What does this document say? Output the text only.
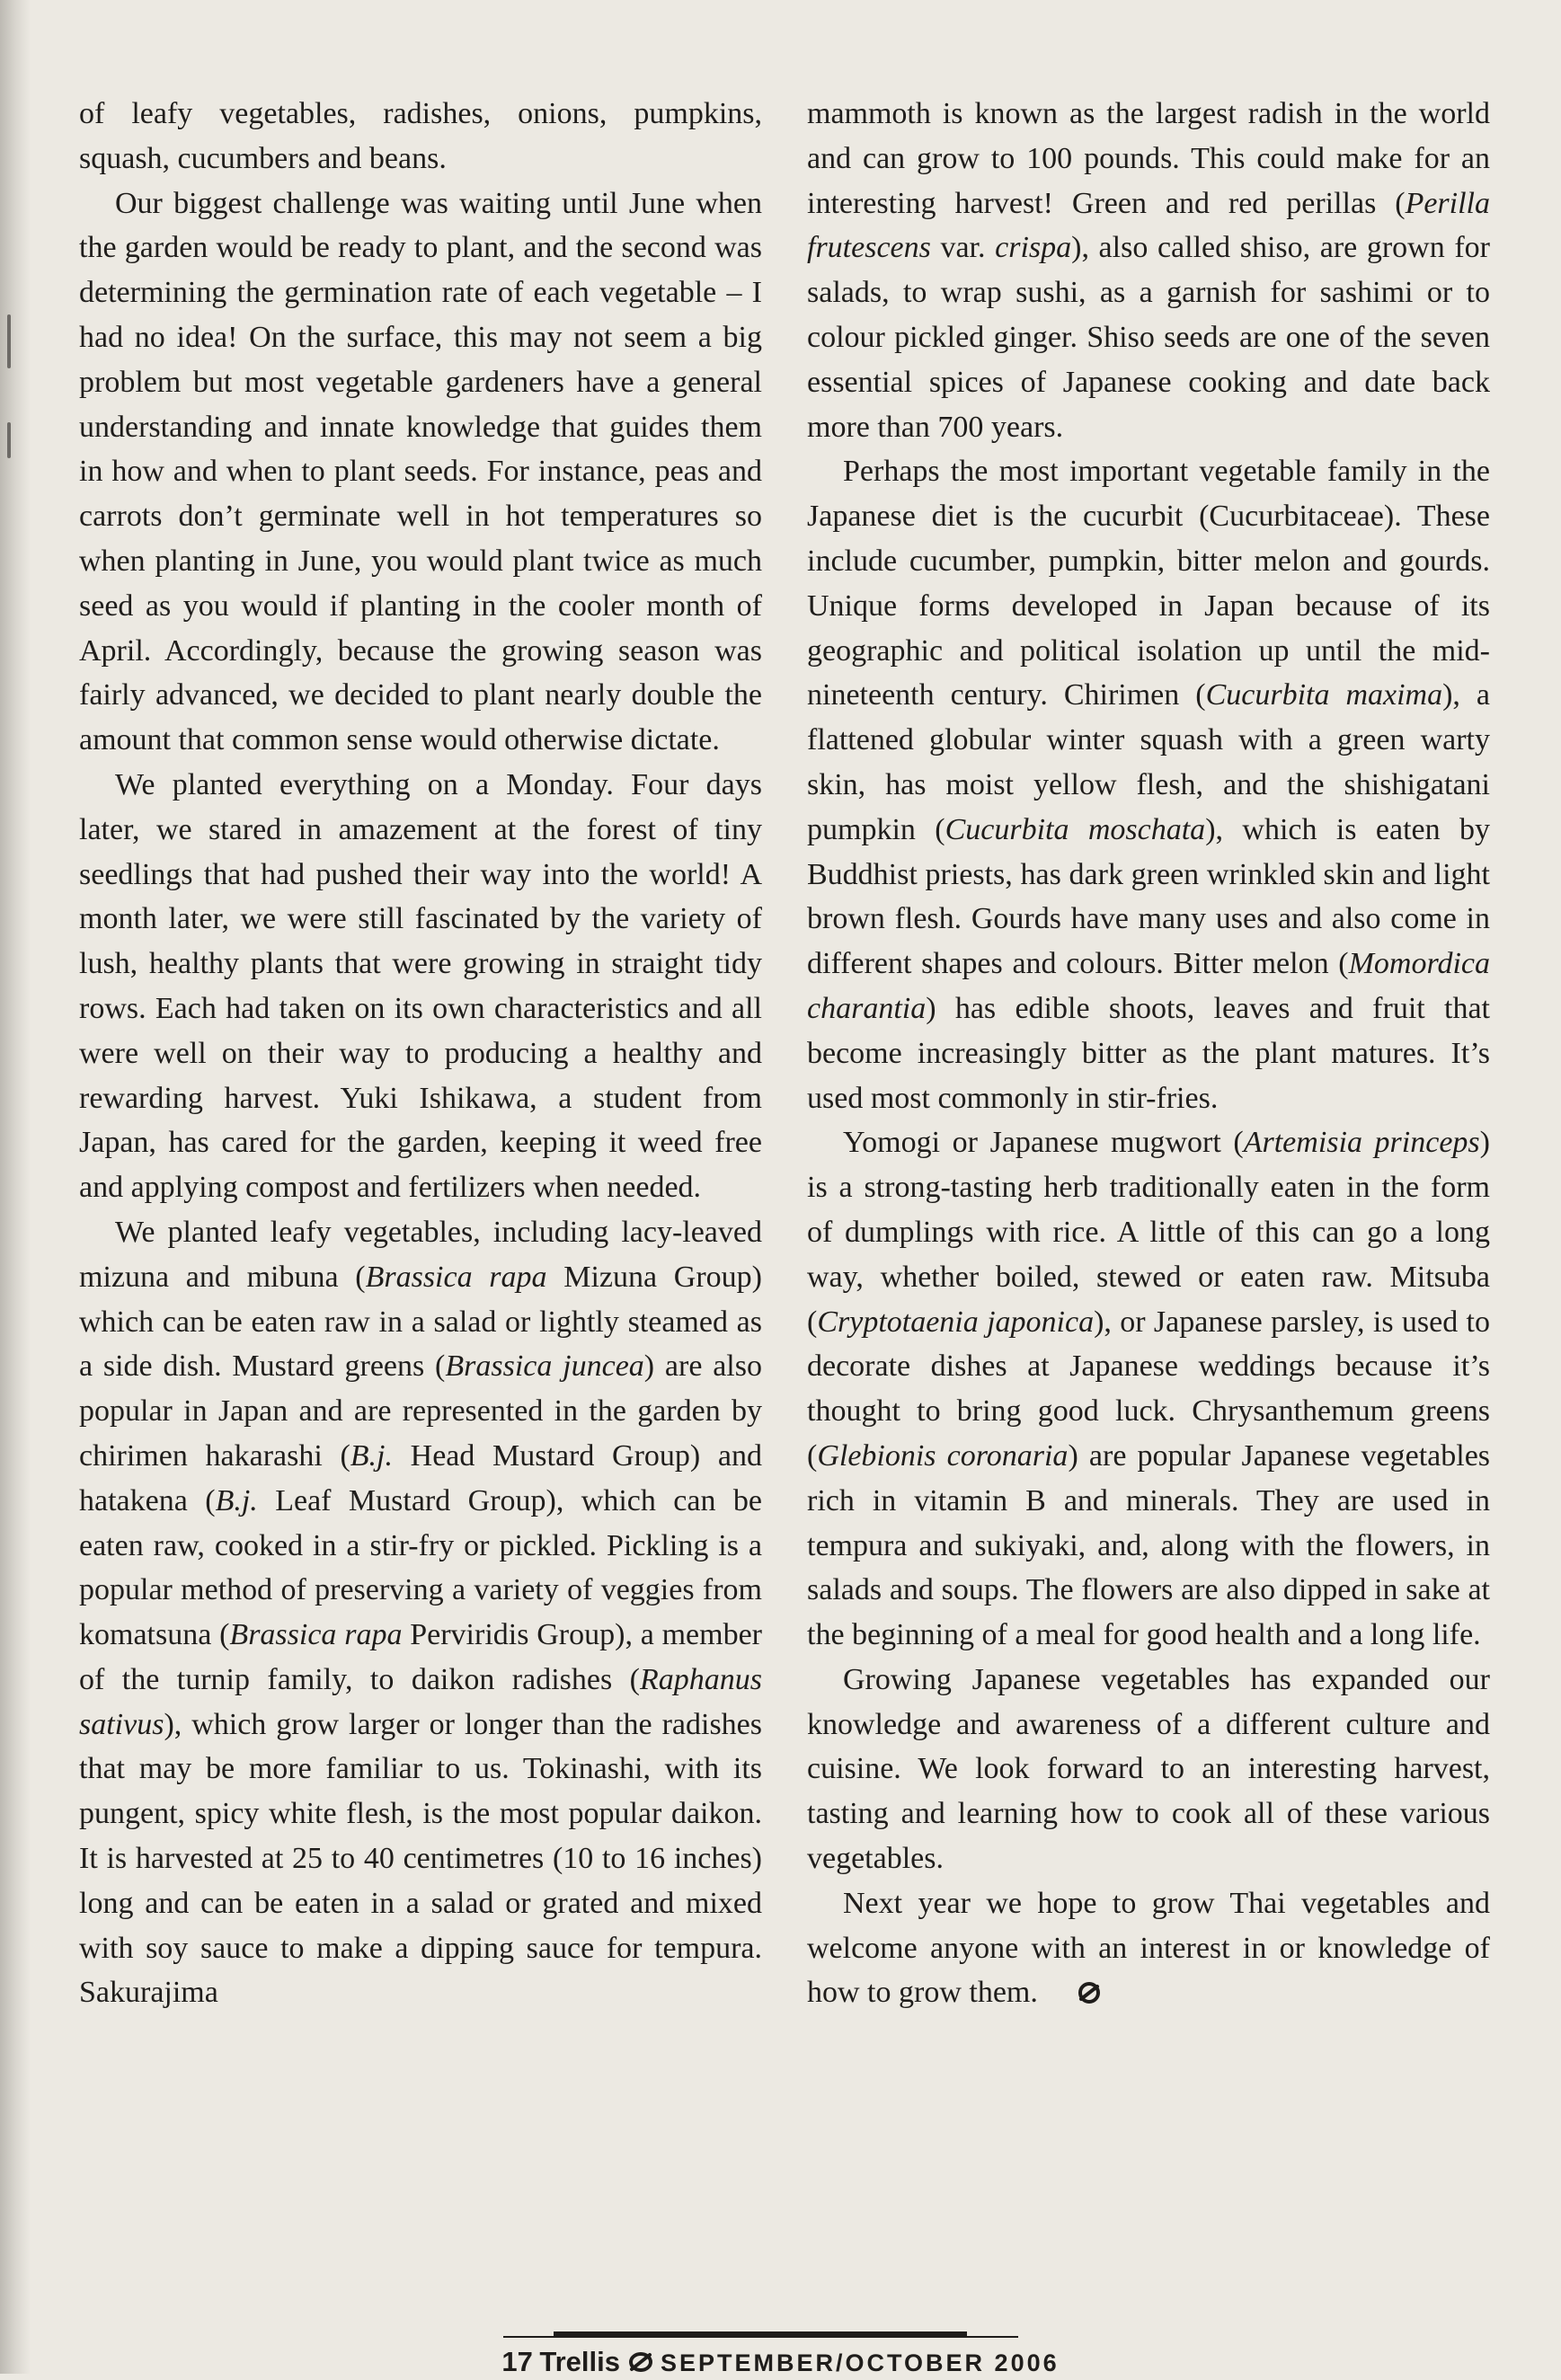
of leafy vegetables, radishes, onions, pumpkins, squash, cucumbers and beans.

Our biggest challenge was waiting until June when the garden would be ready to plant, and the second was determining the germination rate of each vegetable – I had no idea! On the surface, this may not seem a big problem but most vegetable gardeners have a general understanding and innate knowledge that guides them in how and when to plant seeds. For instance, peas and carrots don’t germinate well in hot temperatures so when planting in June, you would plant twice as much seed as you would if planting in the cooler month of April. Accordingly, because the growing season was fairly advanced, we decided to plant nearly double the amount that common sense would otherwise dictate.

We planted everything on a Monday. Four days later, we stared in amazement at the forest of tiny seedlings that had pushed their way into the world! A month later, we were still fascinated by the variety of lush, healthy plants that were growing in straight tidy rows. Each had taken on its own characteristics and all were well on their way to producing a healthy and rewarding harvest. Yuki Ishikawa, a student from Japan, has cared for the garden, keeping it weed free and applying compost and fertilizers when needed.

We planted leafy vegetables, including lacy-leaved mizuna and mibuna (Brassica rapa Mizuna Group) which can be eaten raw in a salad or lightly steamed as a side dish. Mustard greens (Brassica juncea) are also popular in Japan and are represented in the garden by chirimen hakarashi (B.j. Head Mustard Group) and hatakena (B.j. Leaf Mustard Group), which can be eaten raw, cooked in a stir-fry or pickled. Pickling is a popular method of preserving a variety of veggies from komatsuna (Brassica rapa Perviridis Group), a member of the turnip family, to daikon radishes (Raphanus sativus), which grow larger or longer than the radishes that may be more familiar to us. Tokinashi, with its pungent, spicy white flesh, is the most popular daikon. It is harvested at 25 to 40 centimetres (10 to 16 inches) long and can be eaten in a salad or grated and mixed with soy sauce to make a dipping sauce for tempura. Sakurajima

mammoth is known as the largest radish in the world and can grow to 100 pounds. This could make for an interesting harvest! Green and red perillas (Perilla frutescens var. crispa), also called shiso, are grown for salads, to wrap sushi, as a garnish for sashimi or to colour pickled ginger. Shiso seeds are one of the seven essential spices of Japanese cooking and date back more than 700 years.

Perhaps the most important vegetable family in the Japanese diet is the cucurbit (Cucurbitaceae). These include cucumber, pumpkin, bitter melon and gourds. Unique forms developed in Japan because of its geographic and political isolation up until the mid-nineteenth century. Chirimen (Cucurbita maxima), a flattened globular winter squash with a green warty skin, has moist yellow flesh, and the shishigatani pumpkin (Cucurbita moschata), which is eaten by Buddhist priests, has dark green wrinkled skin and light brown flesh. Gourds have many uses and also come in different shapes and colours. Bitter melon (Momordica charantia) has edible shoots, leaves and fruit that become increasingly bitter as the plant matures. It’s used most commonly in stir-fries.

Yomogi or Japanese mugwort (Artemisia princeps) is a strong-tasting herb traditionally eaten in the form of dumplings with rice. A little of this can go a long way, whether boiled, stewed or eaten raw. Mitsuba (Cryptotaenia japonica), or Japanese parsley, is used to decorate dishes at Japanese weddings because it’s thought to bring good luck. Chrysanthemum greens (Glebionis coronaria) are popular Japanese vegetables rich in vitamin B and minerals. They are used in tempura and sukiyaki, and, along with the flowers, in salads and soups. The flowers are also dipped in sake at the beginning of a meal for good health and a long life.

Growing Japanese vegetables has expanded our knowledge and awareness of a different culture and cuisine. We look forward to an interesting harvest, tasting and learning how to cook all of these various vegetables.

Next year we hope to grow Thai vegetables and welcome anyone with an interest in or knowledge of how to grow them.

17 Trellis SEPTEMBER/OCTOBER 2006
